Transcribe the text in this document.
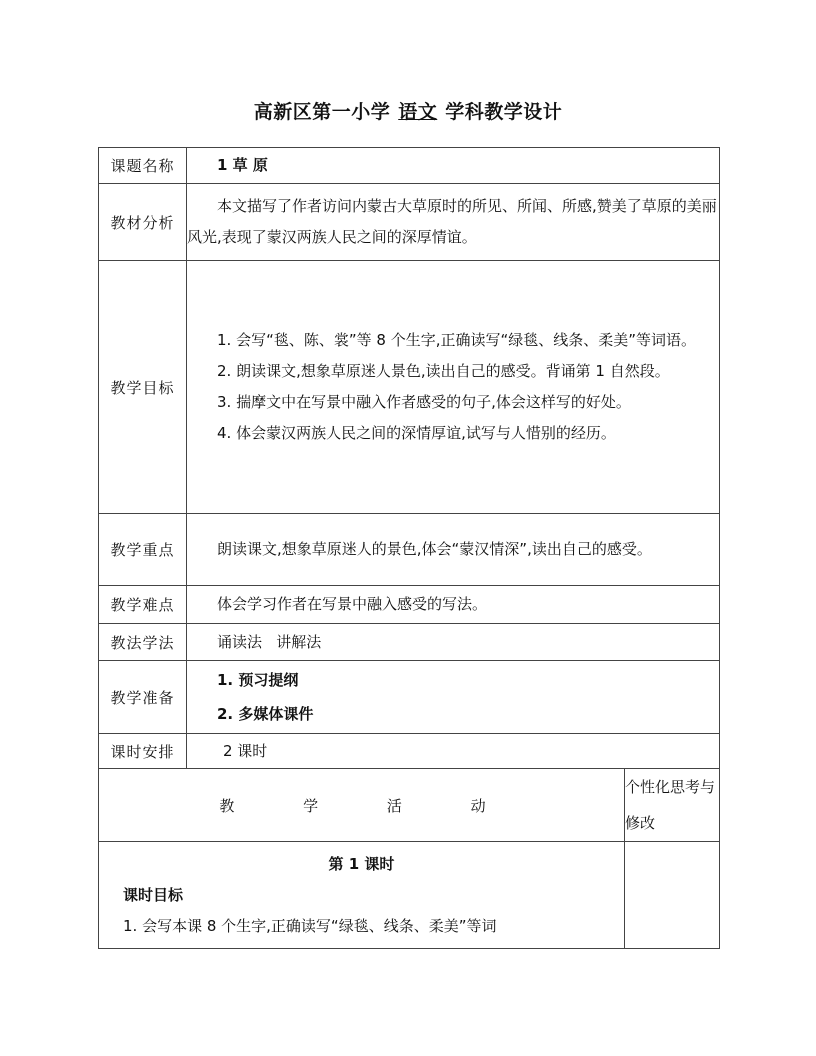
高新区第一小学 语文 学科教学设计
课题名称	1 草 原	
教材分析	本文描写了作者访问内蒙古大草原时的所见、所闻、所感,赞美了草原的美丽风光,表现了蒙汉两族人民之间的深厚情谊。	

教学目标	1. 会写“毯、陈、裳”等 8 个生字,正确读写“绿毯、线条、柔美”等词语。

2. 朗读课文,想象草原迷人景色,读出自己的感受。背诵第 1 自然段。

3. 揣摩文中在写景中融入作者感受的句子,体会这样写的好处。

4. 体会蒙汉两族人民之间的深情厚谊,试写与人惜别的经历。	

教学重点	朗读课文,想象草原迷人的景色,体会“蒙汉情深”,读出自己的感受。	

教学难点	体会学习作者在写景中融入感受的写法。	

教法学法	诵读法   讲解法	

教学准备	1. 预习提纲
2. 多媒体课件	

课时安排	2 课时	
教 学 活 动		个性化思考与修改

第 1 课时
课时目标
1. 会写本课 8 个生字,正确读写“绿毯、线条、柔美”等词		
